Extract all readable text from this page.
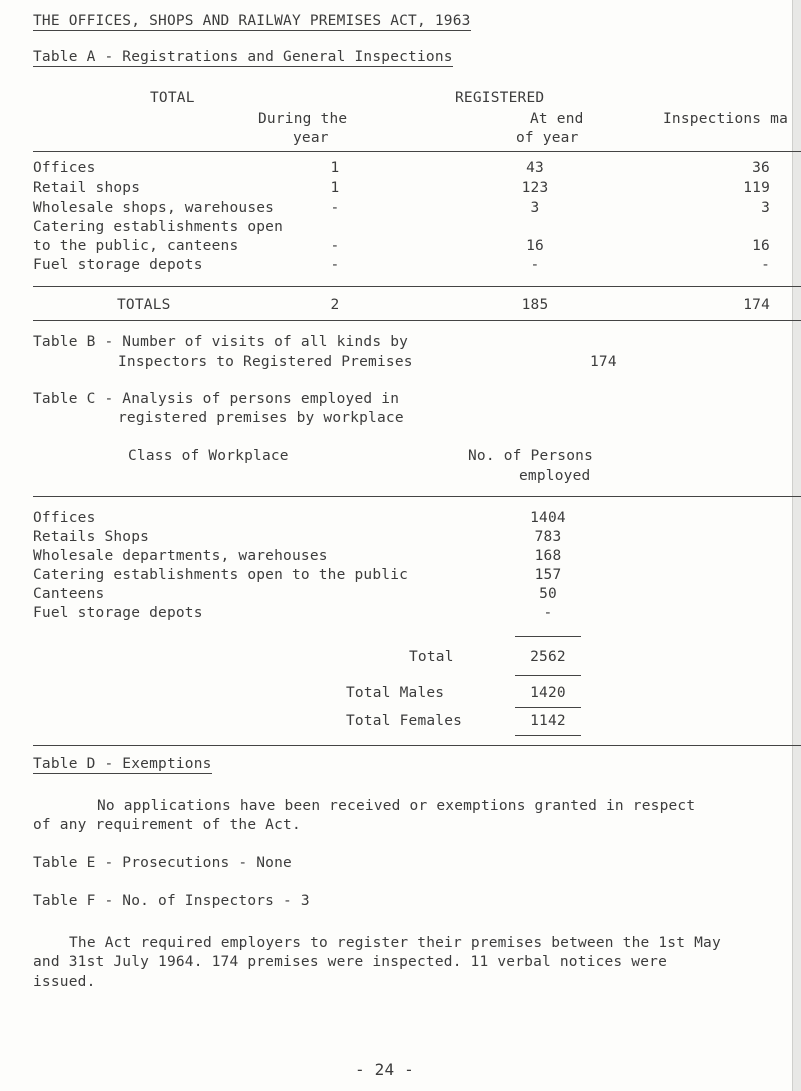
THE OFFICES, SHOPS AND RAILWAY PREMISES ACT, 1963
Table A - Registrations and General Inspections
TOTAL	REGISTERED
During the
year
At end
of year
Inspections ma
Offices	1	43	36
Retail shops	1	123	119
Wholesale shops, warehouses	-	3	3
Catering establishments open
to the public, canteens	-	16	16
Fuel storage depots	-	-	-
TOTALS	2	185	174
Table B - Number of visits of all kinds by
Inspectors to Registered Premises	174
Table C - Analysis of persons employed in
registered premises by workplace
Class of Workplace	No. of Persons
employed
Offices	1404
Retails Shops	783
Wholesale departments, warehouses	168
Catering establishments open to the public	157
Canteens	50
Fuel storage depots	-
Total	2562
Total Males	1420
Total Females	1142
Table D - Exemptions
No applications have been received or exemptions granted in respect
of any requirement of the Act.
Table E - Prosecutions - None
Table F - No. of Inspectors - 3
The Act required employers to register their premises between the 1st May
and 31st July 1964. 174 premises were inspected. 11 verbal notices were
issued.
- 24 -
